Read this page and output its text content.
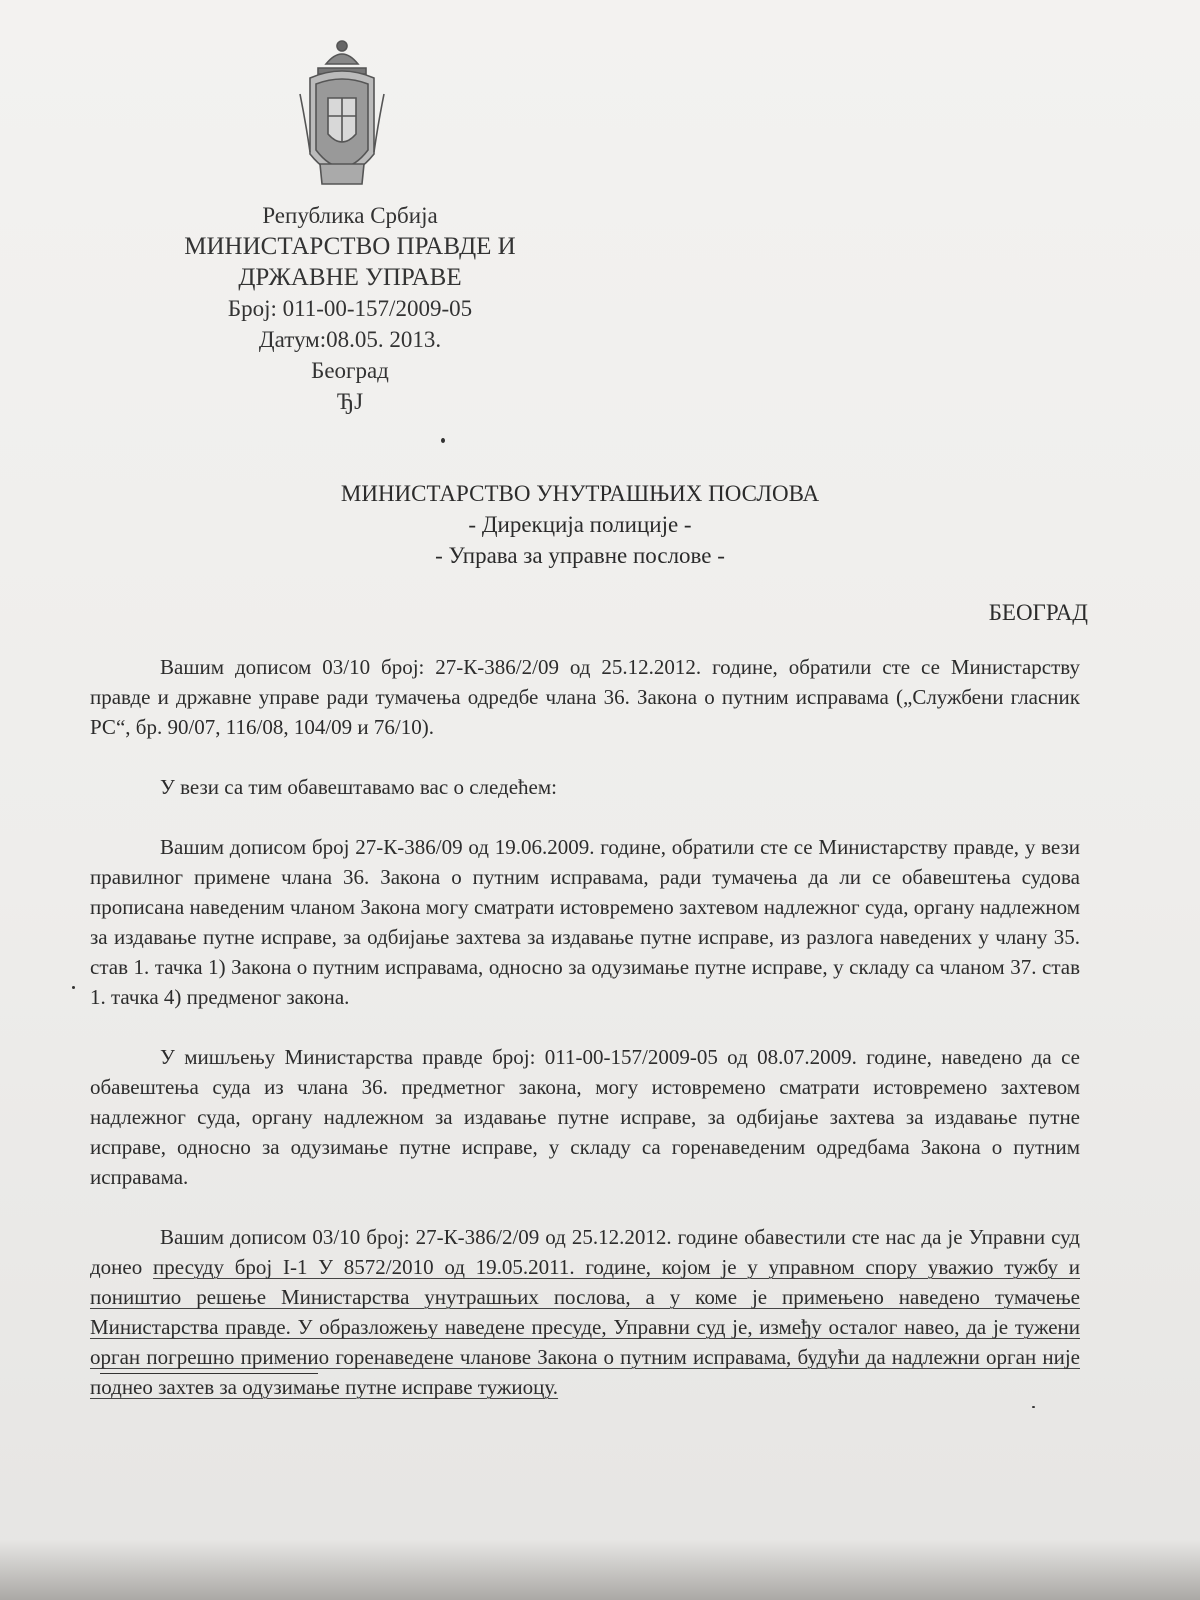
Република Србија
МИНИСТАРСТВО ПРАВДЕ И
ДРЖАВНЕ УПРАВЕ
Број: 011-00-157/2009-05
Датум:08.05. 2013.
Београд
ЂЈ
МИНИСТАРСТВО УНУТРАШЊИХ ПОСЛОВА
- Дирекција полиције -
- Управа за управне послове -
БЕОГРАД

Вашим дописом 03/10 број: 27-К-386/2/09 од 25.12.2012. године, обратили сте се Министарству правде и државне управе ради тумачења одредбе члана 36. Закона о путним исправама („Службени гласник РС“, бр. 90/07, 116/08, 104/09 и 76/10).

У вези са тим обавештавамо вас о следећем:

Вашим дописом број 27-К-386/09 од 19.06.2009. године, обратили сте се Министарству правде, у вези правилног примене члана 36. Закона о путним исправама, ради тумачења да ли се обавештења судова прописана наведеним чланом Закона могу сматрати истовремено захтевом надлежног суда, органу надлежном за издавање путне исправе, за одбијање захтева за издавање путне исправе, из разлога наведених у члану 35. став 1. тачка 1) Закона о путним исправама, односно за одузимање путне исправе, у складу са чланом 37. став 1. тачка 4) предменог закона.

У мишљењу Министарства правде број: 011-00-157/2009-05 од 08.07.2009. године, наведено да се обавештења суда из члана 36. предметног закона, могу истовремено сматрати истовремено захтевом надлежног суда, органу надлежном за издавање путне исправе, за одбијање захтева за издавање путне исправе, односно за одузимање путне исправе, у складу са горенаведеним одредбама Закона о путним исправама.

Вашим дописом 03/10 број: 27-К-386/2/09 од 25.12.2012. године обавестили сте нас да је Управни суд донео пресуду број I-1 У 8572/2010 од 19.05.2011. године, којом је у управном спору уважио тужбу и поништио решење Министарства унутрашњих послова, а у коме је примењено наведено тумачење Министарства правде. У образложењу наведене пресуде, Управни суд је, између осталог навео, да је тужени орган погрешно применио горенаведене чланове Закона о путним исправама, будући да надлежни орган није поднео захтев за одузимање путне исправе тужиоцу.
